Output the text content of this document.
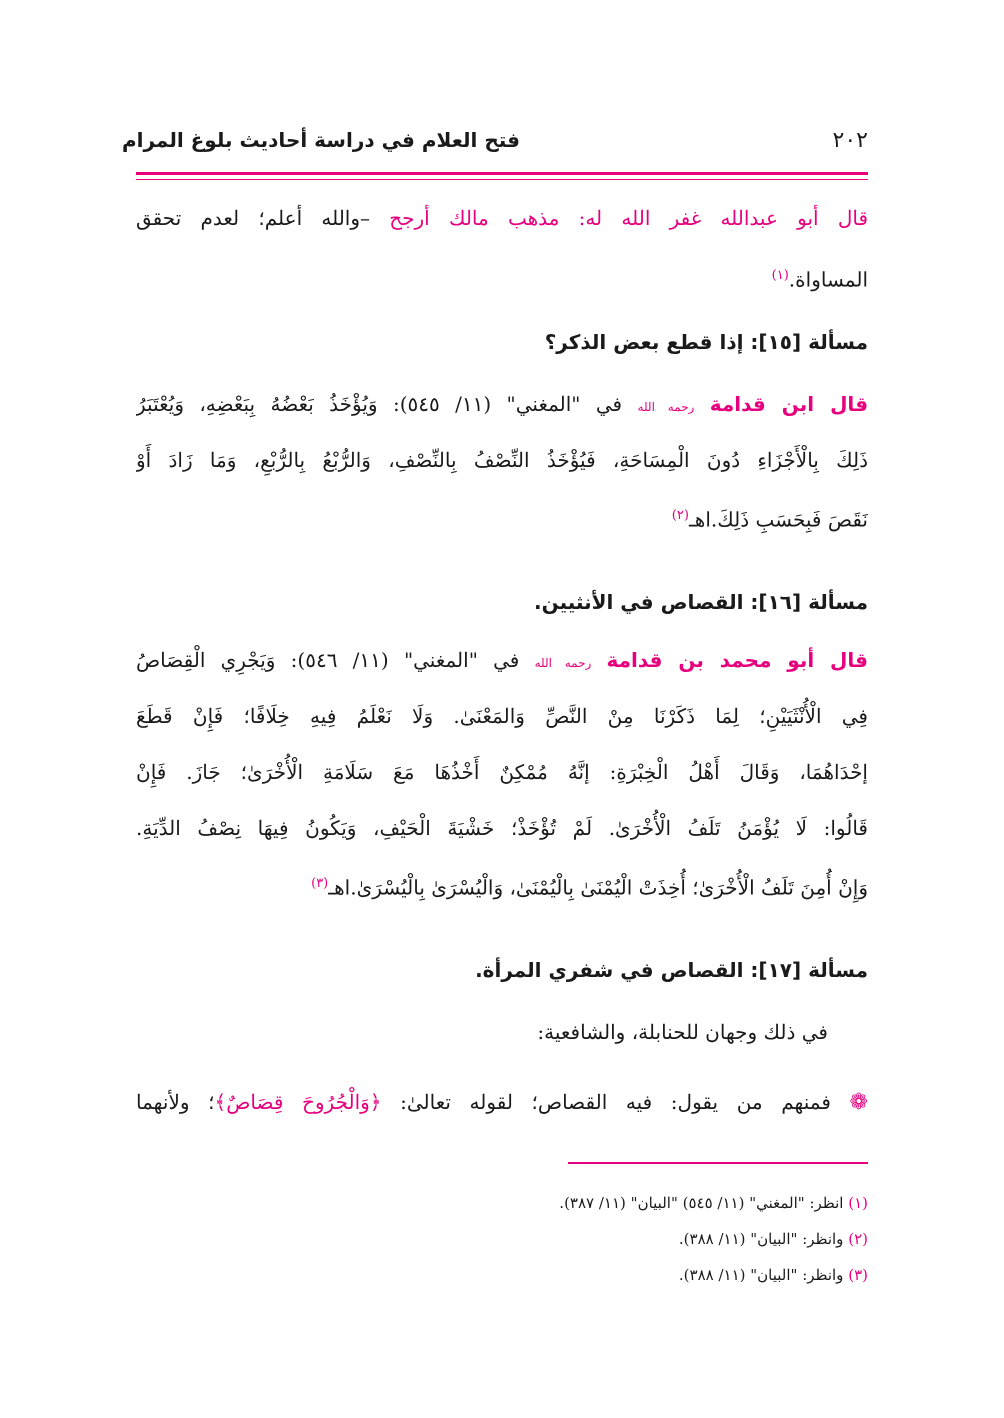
٢٠٢
فتح العلام في دراسة أحاديث بلوغ المرام
قال أبو عبدالله غفر الله له: مذهب مالك أرجح –والله أعلم؛ لعدم تحقق
المساواة.$^{(١)}$
مسألة [١٥]: إذا قطع بعض الذكر؟
قال ابن قدامة رحمه الله في "المغني" (١١/ ٥٤٥): وَيُؤْخَذُ بَعْضُهُ بِبَعْضِهِ، وَيُعْتَبَرُ
ذَلِكَ بِالْأَجْزَاءِ دُونَ الْمِسَاحَةِ، فَيُؤْخَذُ النِّصْفُ بِالنِّصْفِ، وَالرُّبْعُ بِالرُّبْعِ، وَمَا زَادَ أَوْ
نَقَصَ فَبِحَسَبِ ذَلِكَ.اهـ$^{(٢)}$
مسألة [١٦]: القصاص في الأنثيين.
قال أبو محمد بن قدامة رحمه الله في "المغني" (١١/ ٥٤٦): وَيَجْرِي الْقِصَاصُ
فِي الْأُنْثَيَيْنِ؛ لِمَا ذَكَرْنَا مِنْ النَّصِّ وَالمَعْنَىٰ. وَلَا نَعْلَمُ فِيهِ خِلَافًا؛ فَإِنْ قَطَعَ
إحْدَاهُمَا، وَقَالَ أَهْلُ الْخِبْرَةِ: إنَّهُ مُمْكِنٌ أَخْذُهَا مَعَ سَلَامَةِ الْأُخْرَىٰ؛ جَازَ. فَإِنْ
قَالُوا: لَا يُؤْمَنُ تَلَفُ الْأُخْرَىٰ. لَمْ تُؤْخَذْ؛ خَشْيَةَ الْحَيْفِ، وَيَكُونُ فِيهَا نِصْفُ الدِّيَةِ.
وَإِنْ أُمِنَ تَلَفُ الْأُخْرَىٰ؛ أُخِذَتْ الْيُمْنَىٰ بِالْيُمْنَىٰ، وَالْيُسْرَىٰ بِالْيُسْرَىٰ.اهـ$^{(٣)}$
مسألة [١٧]: القصاص في شفري المرأة.
في ذلك وجهان للحنابلة، والشافعية:
❁ فمنهم من يقول: فيه القصاص؛ لقوله تعالىٰ: ﴿وَالْجُرُوحَ قِصَاصٌ﴾؛ ولأنهما
(١) انظر: "المغني" (١١/ ٥٤٥) "البيان" (١١/ ٣٨٧).
(٢) وانظر: "البيان" (١١/ ٣٨٨).
(٣) وانظر: "البيان" (١١/ ٣٨٨).
